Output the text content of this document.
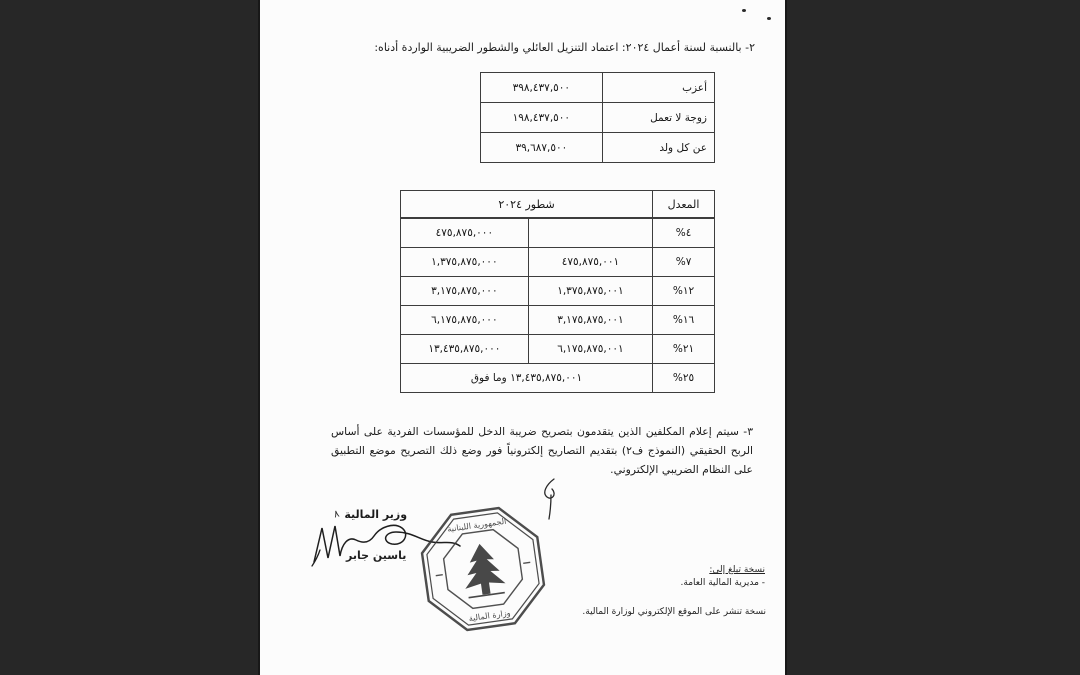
٢- بالنسبة لسنة أعمال ٢٠٢٤: اعتماد التنزيل العائلي والشطور الضريبية الواردة أدناه:
أعزب	٣٩٨,٤٣٧,٥٠٠
زوجة لا تعمل	١٩٨,٤٣٧,٥٠٠
عن كل ولد	٣٩,٦٨٧,٥٠٠
المعدل	شطور ٢٠٢٤	
%٤		٤٧٥,٨٧٥,٠٠٠
%٧	٤٧٥,٨٧٥,٠٠١	١,٣٧٥,٨٧٥,٠٠٠
%١٢	١,٣٧٥,٨٧٥,٠٠١	٣,١٧٥,٨٧٥,٠٠٠
%١٦	٣,١٧٥,٨٧٥,٠٠١	٦,١٧٥,٨٧٥,٠٠٠
%٢١	٦,١٧٥,٨٧٥,٠٠١	١٣,٤٣٥,٨٧٥,٠٠٠
%٢٥	١٣,٤٣٥,٨٧٥,٠٠١ وما فوق	
٣- سيتم إعلام المكلفين الذين يتقدمون بتصريح ضريبة الدخل للمؤسسات الفردية على أساس الربح الحقيقي (النموذج ف٢) بتقديم التصاريح إلكترونياً فور وضع ذلك التصريح موضع التطبيق على النظام الضريبي الإلكتروني.
٨ وزير المالية
ياسين جابر
الجمهورية اللبنانية
وزارة المالية
نسخة تبلغ إلى:
- مديرية المالية العامة.
نسخة تنشر على الموقع الإلكتروني لوزارة المالية.
